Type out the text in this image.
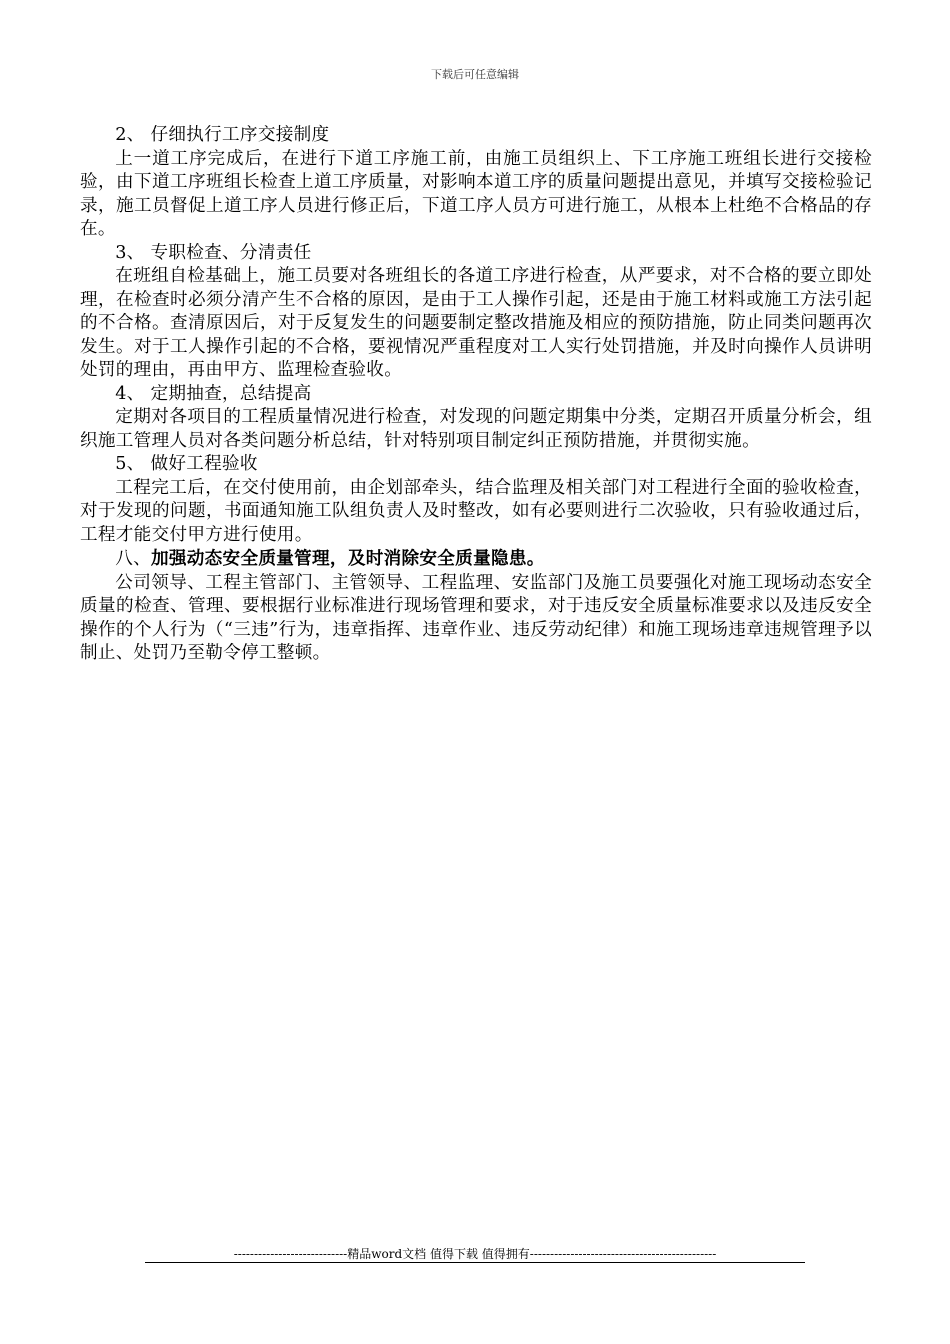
下载后可任意编辑

2、 仔细执行工序交接制度

上一道工序完成后，在进行下道工序施工前，由施工员组织上、下工序施工班组长进行交接检验，由下道工序班组长检查上道工序质量，对影响本道工序的质量问题提出意见，并填写交接检验记录，施工员督促上道工序人员进行修正后，下道工序人员方可进行施工，从根本上杜绝不合格品的存在。

3、 专职检查、分清责任

在班组自检基础上，施工员要对各班组长的各道工序进行检查，从严要求，对不合格的要立即处理，在检查时必须分清产生不合格的原因，是由于工人操作引起，还是由于施工材料或施工方法引起的不合格。查清原因后，对于反复发生的问题要制定整改措施及相应的预防措施，防止同类问题再次发生。对于工人操作引起的不合格，要视情况严重程度对工人实行处罚措施，并及时向操作人员讲明处罚的理由，再由甲方、监理检查验收。

4、 定期抽查，总结提高

定期对各项目的工程质量情况进行检查，对发现的问题定期集中分类，定期召开质量分析会，组织施工管理人员对各类问题分析总结，针对特别项目制定纠正预防措施，并贯彻实施。

5、 做好工程验收

工程完工后，在交付使用前，由企划部牵头，结合监理及相关部门对工程进行全面的验收检查，对于发现的问题，书面通知施工队组负责人及时整改，如有必要则进行二次验收，只有验收通过后，工程才能交付甲方进行使用。

八、加强动态安全质量管理，及时消除安全质量隐患。

公司领导、工程主管部门、主管领导、工程监理、安监部门及施工员要强化对施工现场动态安全质量的检查、管理、要根据行业标准进行现场管理和要求，对于违反安全质量标准要求以及违反安全操作的个人行为（“三违”行为，违章指挥、违章作业、违反劳动纪律）和施工现场违章违规管理予以制止、处罚乃至勒令停工整顿。

----------------------------精品word文档 值得下载 值得拥有----------------------------------------------
